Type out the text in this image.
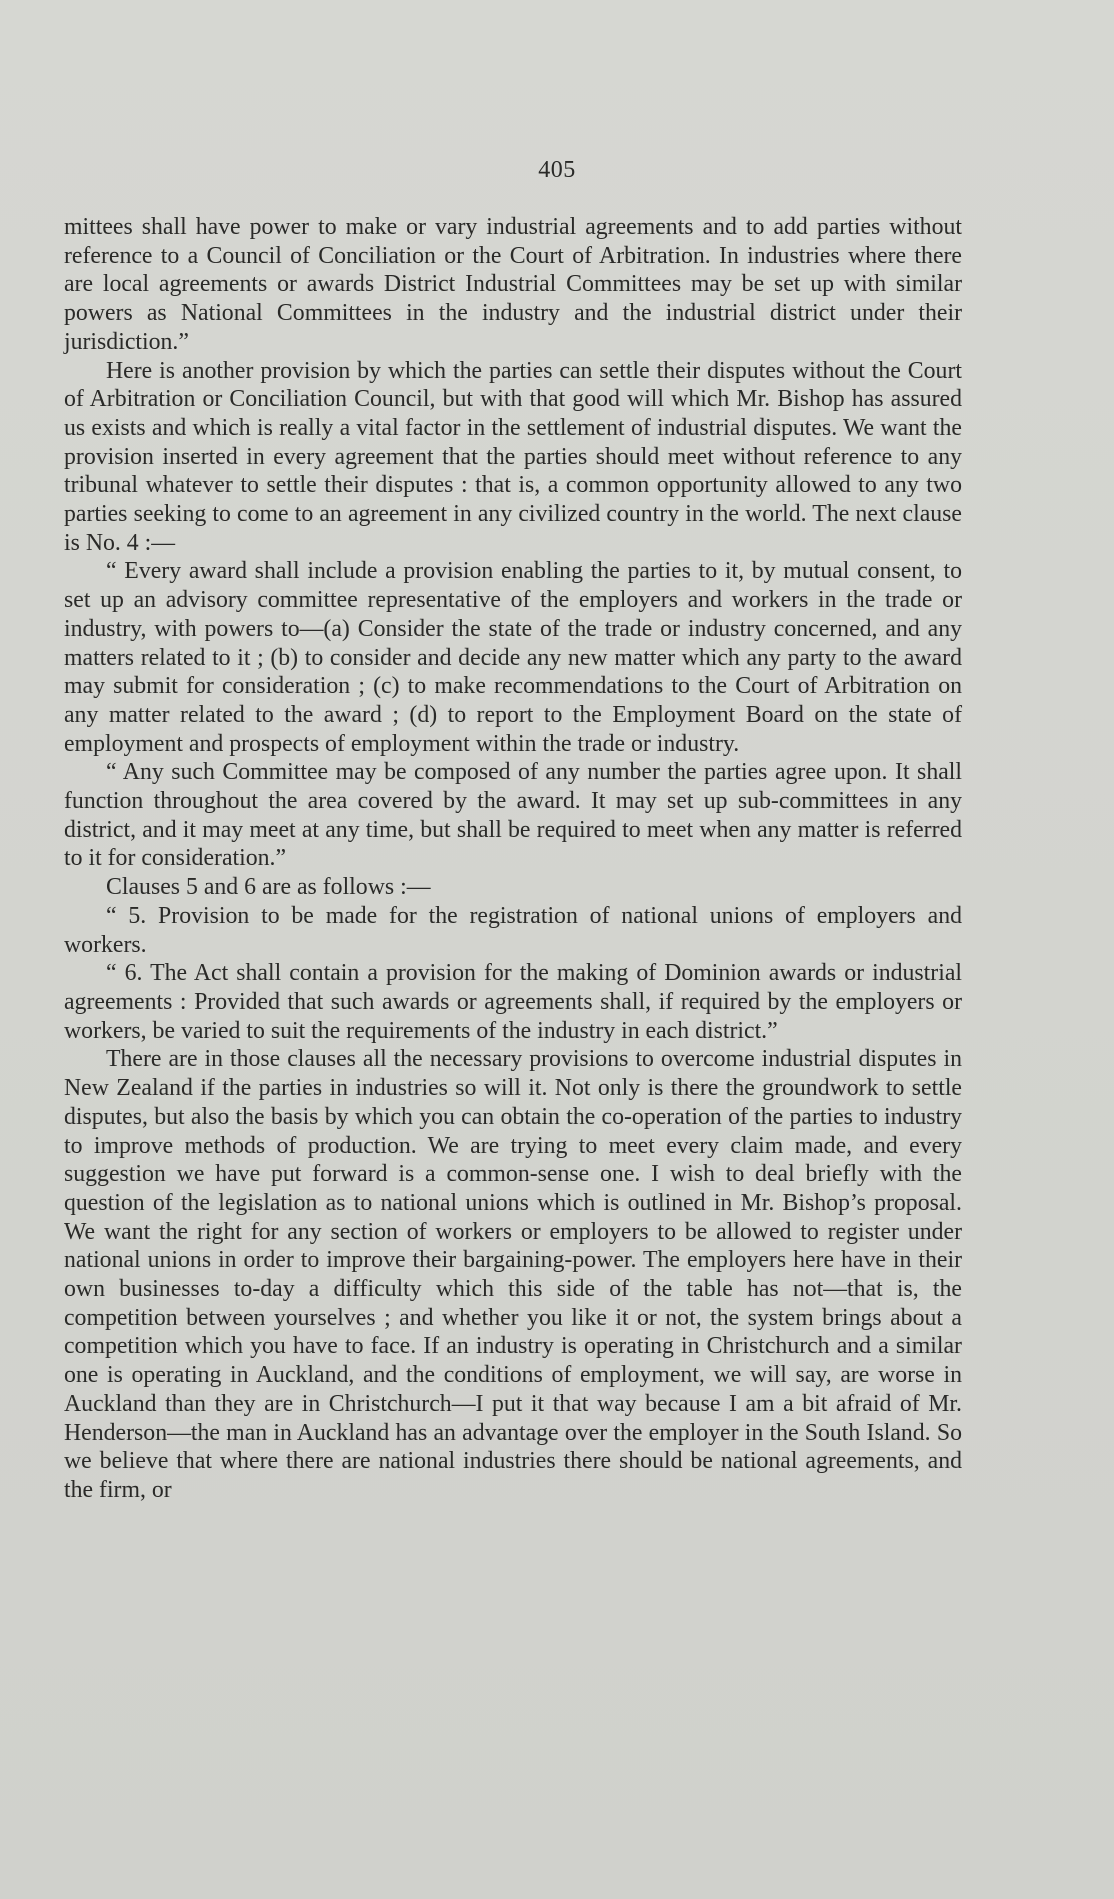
405

mittees shall have power to make or vary industrial agreements and to add parties without reference to a Council of Conciliation or the Court of Arbitration. In industries where there are local agreements or awards District Industrial Committees may be set up with similar powers as National Committees in the industry and the industrial district under their jurisdiction.”

Here is another provision by which the parties can settle their disputes without the Court of Arbitration or Conciliation Council, but with that good will which Mr. Bishop has assured us exists and which is really a vital factor in the settlement of industrial disputes. We want the provision inserted in every agreement that the parties should meet without reference to any tribunal whatever to settle their disputes : that is, a common opportunity allowed to any two parties seeking to come to an agreement in any civilized country in the world. The next clause is No. 4 :—

“ Every award shall include a provision enabling the parties to it, by mutual consent, to set up an advisory committee representative of the employers and workers in the trade or industry, with powers to—(a) Consider the state of the trade or industry concerned, and any matters related to it ; (b) to consider and decide any new matter which any party to the award may submit for consideration ; (c) to make recommendations to the Court of Arbitration on any matter related to the award ; (d) to report to the Employment Board on the state of employment and prospects of employment within the trade or industry.

“ Any such Committee may be composed of any number the parties agree upon. It shall function throughout the area covered by the award. It may set up sub-committees in any district, and it may meet at any time, but shall be required to meet when any matter is referred to it for consideration.”

Clauses 5 and 6 are as follows :—

“ 5. Provision to be made for the registration of national unions of employers and workers.

“ 6. The Act shall contain a provision for the making of Dominion awards or industrial agreements : Provided that such awards or agreements shall, if required by the employers or workers, be varied to suit the requirements of the industry in each district.”

There are in those clauses all the necessary provisions to overcome industrial disputes in New Zealand if the parties in industries so will it. Not only is there the groundwork to settle disputes, but also the basis by which you can obtain the co-operation of the parties to industry to improve methods of production. We are trying to meet every claim made, and every suggestion we have put forward is a common-sense one. I wish to deal briefly with the question of the legislation as to national unions which is outlined in Mr. Bishop’s proposal. We want the right for any section of workers or employers to be allowed to register under national unions in order to improve their bargaining-power. The employers here have in their own businesses to-day a difficulty which this side of the table has not—that is, the competition between yourselves ; and whether you like it or not, the system brings about a competition which you have to face. If an industry is operating in Christchurch and a similar one is operating in Auckland, and the conditions of employment, we will say, are worse in Auckland than they are in Christchurch—I put it that way because I am a bit afraid of Mr. Henderson—the man in Auckland has an advantage over the employer in the South Island. So we believe that where there are national industries there should be national agreements, and the firm, or
